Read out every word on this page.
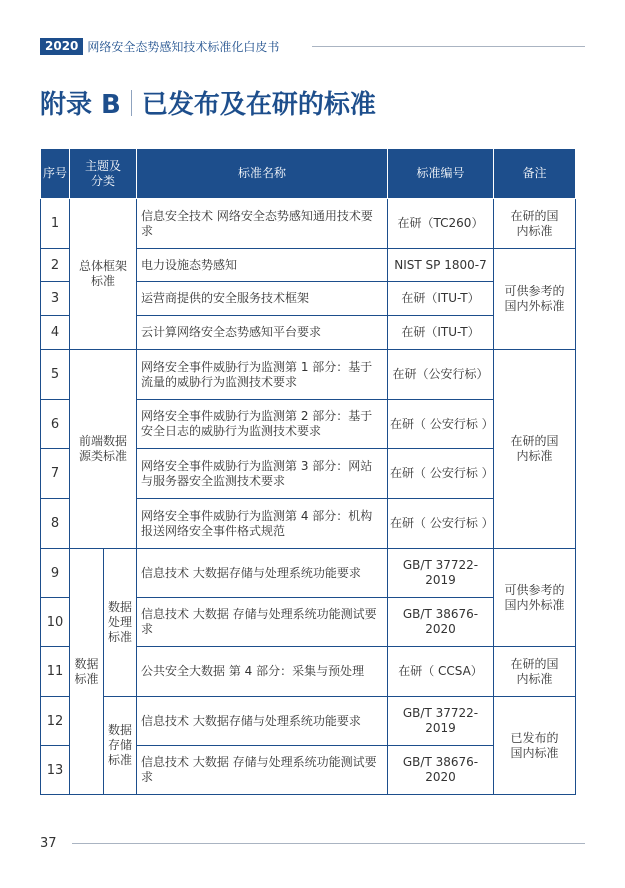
2020 网络安全态势感知技术标准化白皮书
附录 B 已发布及在研的标准
序号	主题及分类		标准名称	标准编号	备注
1	总体框架标准		信息安全技术 网络安全态势感知通用技术要求	在研（TC260）	在研的国内标准
2			电力设施态势感知	NIST SP 1800-7	可供参考的国内外标准
3			运营商提供的安全服务技术框架	在研（ITU-T）	
4			云计算网络安全态势感知平台要求	在研（ITU-T）	
5	前端数据源类标准		网络安全事件威胁行为监测第 1 部分：基于流量的威胁行为监测技术要求	在研（公安行标）	在研的国内标准
6			网络安全事件威胁行为监测第 2 部分：基于安全日志的威胁行为监测技术要求	在研（ 公安行标 ）	
7			网络安全事件威胁行为监测第 3 部分：网站与服务器安全监测技术要求	在研（ 公安行标 ）	
8			网络安全事件威胁行为监测第 4 部分：机构报送网络安全事件格式规范	在研（ 公安行标 ）	
9	数据标准	数据处理标准	信息技术 大数据存储与处理系统功能要求	GB/T 37722-2019	可供参考的国内外标准
10			信息技术 大数据 存储与处理系统功能测试要求	GB/T 38676-2020	
11			公共安全大数据 第 4 部分：采集与预处理	在研（ CCSA）	在研的国内标准
12		数据存储标准	信息技术 大数据存储与处理系统功能要求	GB/T 37722-2019	已发布的国内标准
13			信息技术 大数据 存储与处理系统功能测试要求	GB/T 38676-2020	
37
